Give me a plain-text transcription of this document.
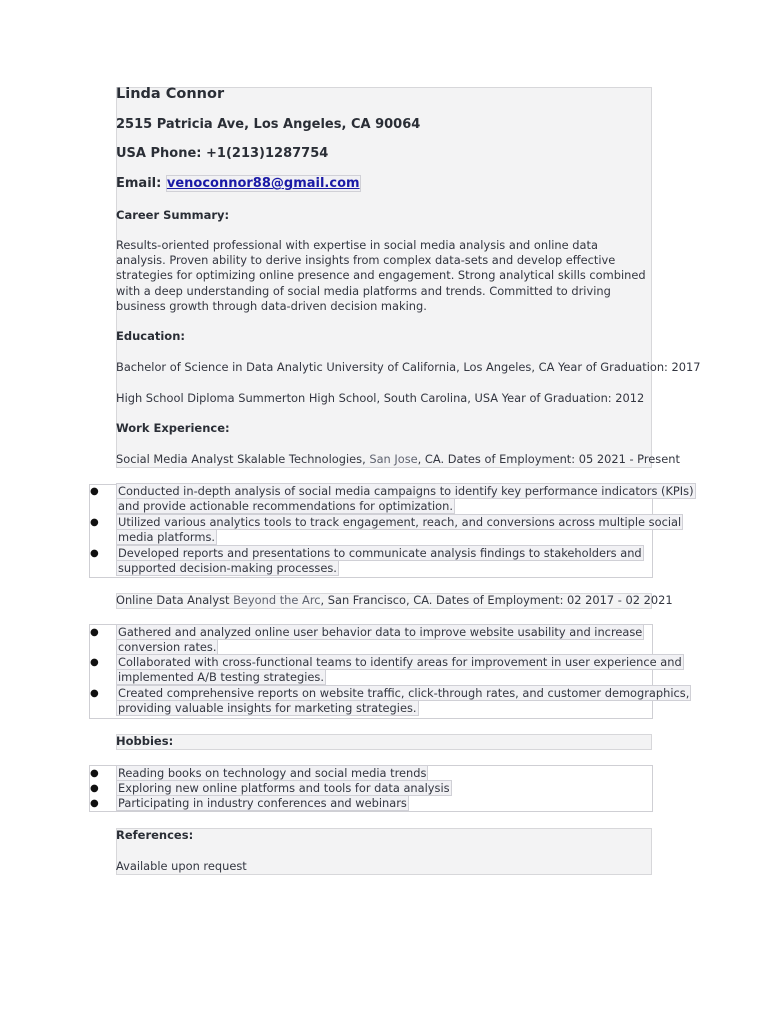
Linda Connor
2515 Patricia Ave, Los Angeles, CA 90064
USA Phone: +1(213)1287754
Email: venoconnor88@gmail.com
Career Summary:
Results-oriented professional with expertise in social media analysis and online data analysis. Proven ability to derive insights from complex data-sets and develop effective strategies for optimizing online presence and engagement. Strong analytical skills combined with a deep understanding of social media platforms and trends. Committed to driving business growth through data-driven decision making.
Education:
Bachelor of Science in Data Analytic University of California, Los Angeles, CA Year of Graduation: 2017
High School Diploma Summerton High School, South Carolina, USA Year of Graduation: 2012
Work Experience:
Social Media Analyst Skalable Technologies, San Jose, CA. Dates of Employment: 05 2021 - Present
● Conducted in-depth analysis of social media campaigns to identify key performance indicators (KPIs)
and provide actionable recommendations for optimization.
● Utilized various analytics tools to track engagement, reach, and conversions across multiple social
media platforms.
● Developed reports and presentations to communicate analysis findings to stakeholders and
supported decision-making processes.
Online Data Analyst Beyond the Arc, San Francisco, CA. Dates of Employment: 02 2017 - 02 2021
● Gathered and analyzed online user behavior data to improve website usability and increase
conversion rates.
● Collaborated with cross-functional teams to identify areas for improvement in user experience and
implemented A/B testing strategies.
● Created comprehensive reports on website traffic, click-through rates, and customer demographics,
providing valuable insights for marketing strategies.
Hobbies:
● Reading books on technology and social media trends
● Exploring new online platforms and tools for data analysis
● Participating in industry conferences and webinars
References:
Available upon request
